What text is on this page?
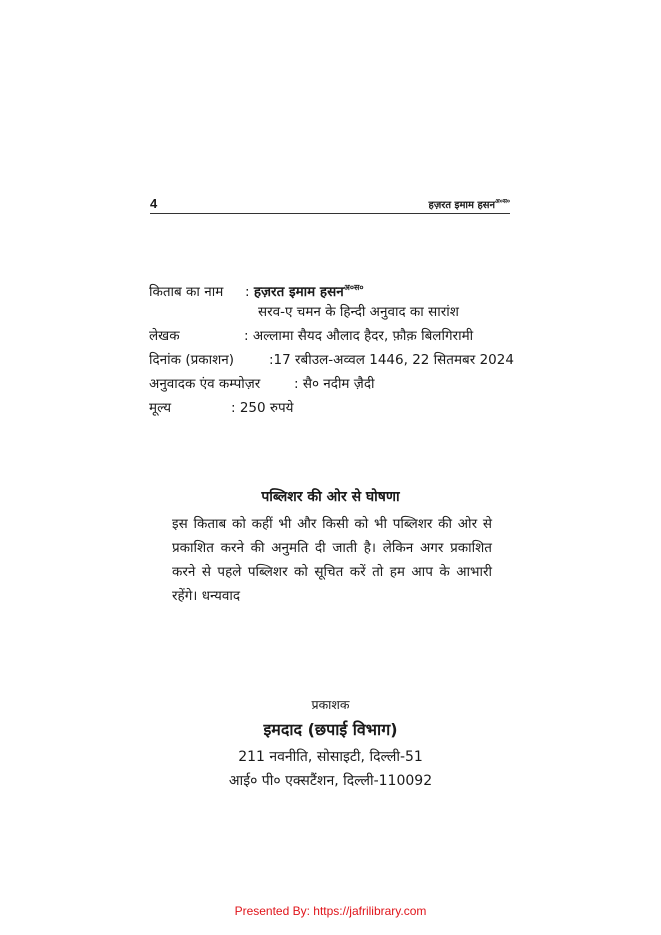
4	हज़रत इमाम हसन$^{अ०स०}$
किताब का नाम : हज़रत इमाम हसन$^{अ०स०}$
सरव-ए चमन के हिन्दी अनुवाद का सारांश
लेखक	: अल्लामा सैयद औलाद हैदर, फ़ौक़ बिलगिरामी
दिनांक (प्रकाशन)	:17 रबीउल-अव्वल 1446, 22 सितमबर 2024
अनुवादक एंव कम्पोज़र : सै० नदीम ज़ैदी
मूल्य	: 250 रुपये
पब्लिशर की ओर से घोषणा
इस किताब को कहीं भी और किसी को भी पब्लिशर की ओर से प्रकाशित करने की अनुमति दी जाती है। लेकिन अगर प्रकाशित करने से पहले पब्लिशर को सूचित करें तो हम आप के आभारी रहेंगे। धन्यवाद
प्रकाशक
इमदाद (छपाई विभाग)
211 नवनीति, सोसाइटी, दिल्ली-51
आई० पी० एक्सटैंशन, दिल्ली-110092
Presented By: https://jafrilibrary.com
